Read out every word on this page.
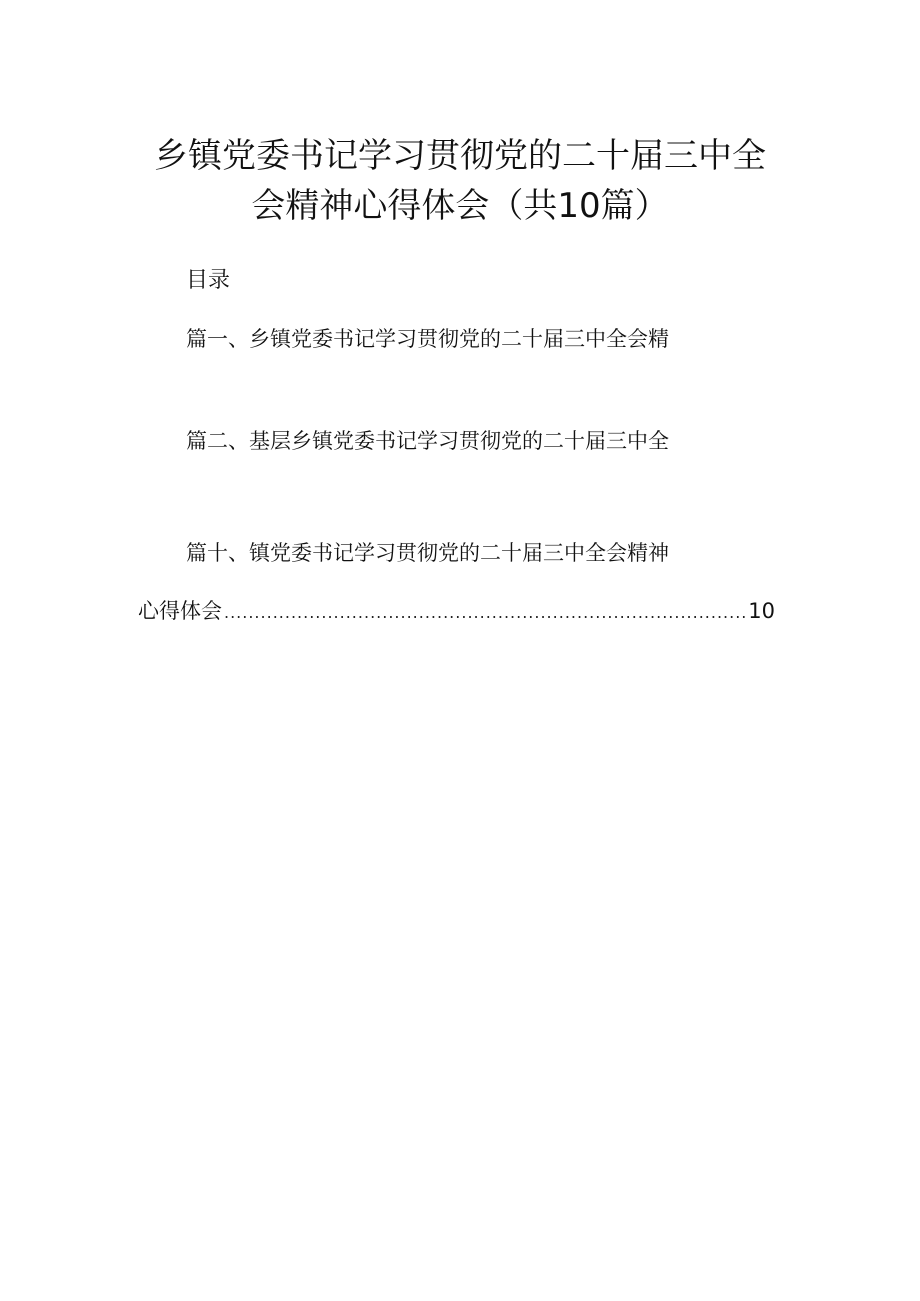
乡镇党委书记学习贯彻党的二十届三中全
会精神心得体会（共10篇）
目录
篇一、乡镇党委书记学习贯彻党的二十届三中全会精
篇二、基层乡镇党委书记学习贯彻党的二十届三中全
篇十、镇党委书记学习贯彻党的二十届三中全会精神
心得体会
.....	10
